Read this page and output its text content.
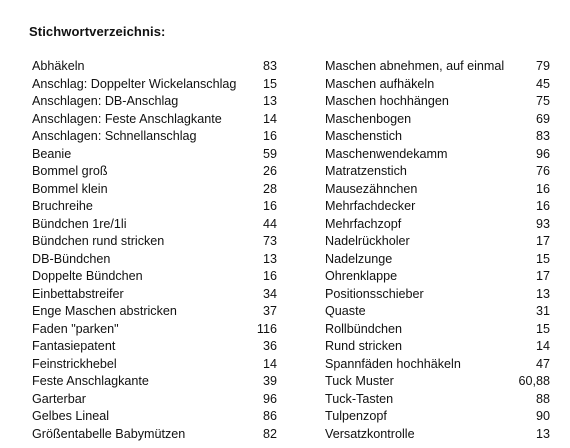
Stichwortverzeichnis:
Abhäkeln	83
Anschlag: Doppelter Wickelanschlag 15
Anschlagen: DB-Anschlag	13
Anschlagen: Feste Anschlagkante	14
Anschlagen: Schnellanschlag	16
Beanie	59
Bommel groß	26
Bommel klein	28
Bruchreihe	16
Bündchen 1re/1li	44
Bündchen rund stricken	73
DB-Bündchen	13
Doppelte Bündchen	16
Einbettabstreifer	34
Enge Maschen abstricken	37
Faden "parken"	116
Fantasiepatent	36
Feinstrickhebel	14
Feste Anschlagkante	39
Garterbar	96
Gelbes Lineal	86
Größentabelle Babymützen	82
Maschen abnehmen, auf einmal	79
Maschen aufhäkeln	45
Maschen hochhängen	75
Maschenbogen	69
Maschenstich	83
Maschenwendekamm	96
Matratzenstich	76
Mausezähnchen	16
Mehrfachdecker	16
Mehrfachzopf	93
Nadelrückholer	17
Nadelzunge	15
Ohrenklappe	17
Positionsschieber	13
Quaste	31
Rollbündchen	15
Rund stricken	14
Spannfäden hochhäkeln	47
Tuck Muster	60,88
Tuck-Tasten	88
Tulpenzopf	90
Versatzkontrolle	13
